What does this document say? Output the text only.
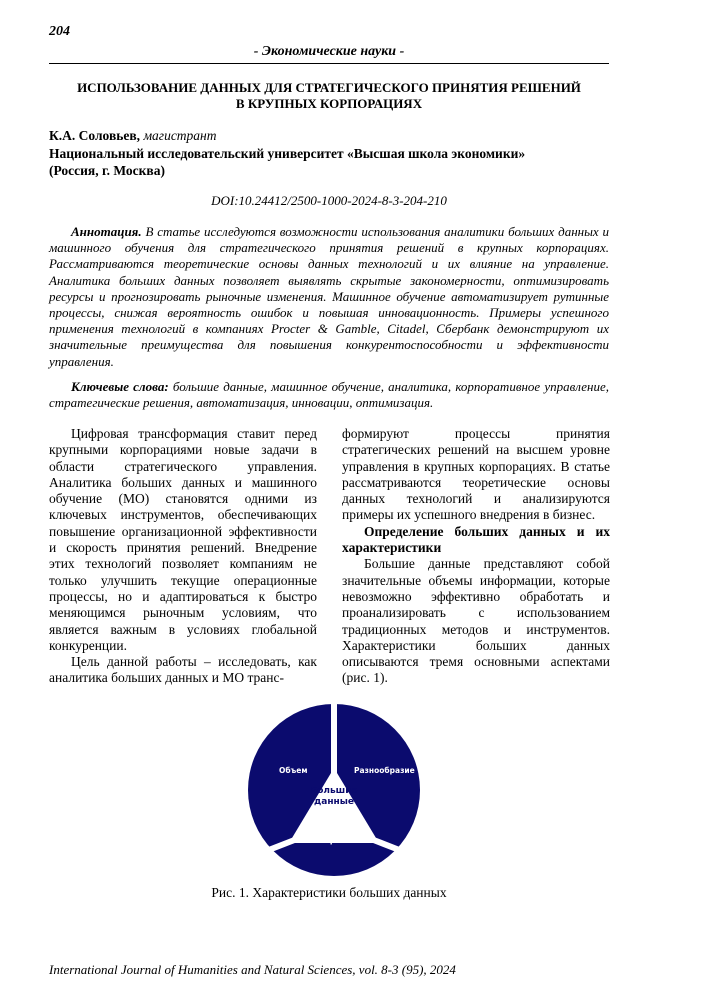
204
- Экономические науки -
ИСПОЛЬЗОВАНИЕ ДАННЫХ ДЛЯ СТРАТЕГИЧЕСКОГО ПРИНЯТИЯ РЕШЕНИЙ
В КРУПНЫХ КОРПОРАЦИЯХ
К.А. Соловьев, магистрант
Национальный исследовательский университет «Высшая школа экономики»
(Россия, г. Москва)
DOI:10.24412/2500-1000-2024-8-3-204-210
Аннотация. В статье исследуются возможности использования аналитики больших данных и машинного обучения для стратегического принятия решений в крупных корпорациях. Рассматриваются теоретические основы данных технологий и их влияние на управление. Аналитика больших данных позволяет выявлять скрытые закономерности, оптимизировать ресурсы и прогнозировать рыночные изменения. Машинное обучение автоматизирует рутинные процессы, снижая вероятность ошибок и повышая инновационность. Примеры успешного применения технологий в компаниях Procter & Gamble, Citadel, Сбербанк демонстрируют их значительные преимущества для повышения конкурентоспособности и эффективности управления.
Ключевые слова: большие данные, машинное обучение, аналитика, корпоративное управление, стратегические решения, автоматизация, инновации, оптимизация.

Цифровая трансформация ставит перед крупными корпорациями новые задачи в области стратегического управления. Аналитика больших данных и машинного обучение (МО) становятся одними из ключевых инструментов, обеспечивающих повышение организационной эффективности и скорость принятия решений. Внедрение этих технологий позволяет компаниям не только улучшить текущие операционные процессы, но и адаптироваться к быстро меняющимся рыночным условиям, что является важным в условиях глобальной конкуренции.

Цель данной работы – исследовать, как аналитика больших данных и МО транс-

формируют процессы принятия стратегических решений на высшем уровне управления в крупных корпорациях. В статье рассматриваются теоретические основы данных технологий и анализируются примеры их успешного внедрения в бизнес.

Определение больших данных и их характеристики

Большие данные представляют собой значительные объемы информации, которые невозможно эффективно обработать и проанализировать с использованием традиционных методов и инструментов. Характеристики больших данных описываются тремя основными аспектами (рис. 1).

Объем	Разнообразие
Скорость
Большие
данные
Рис. 1. Характеристики больших данных
International Journal of Humanities and Natural Sciences, vol. 8-3 (95), 2024
